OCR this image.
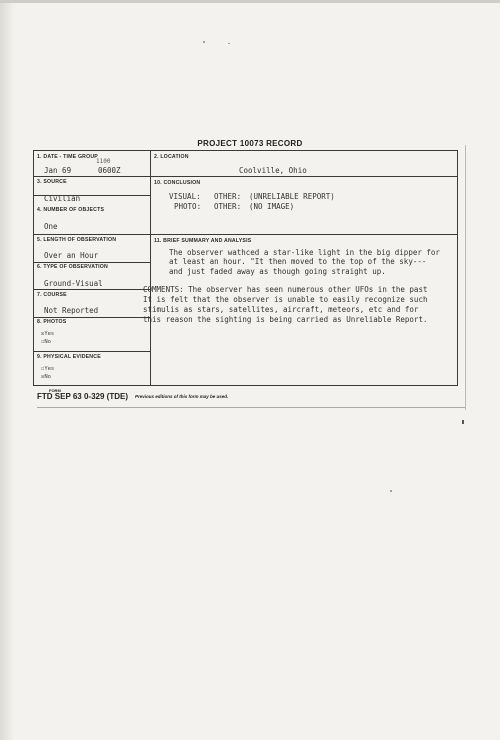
PROJECT 10073 RECORD
1. DATE - TIME GROUP
1100
Jan 69	0600Z
2. LOCATION
Coolville, Ohio
3. SOURCE
Civilian
10. CONCLUSION
VISUAL: OTHER: (UNRELIABLE REPORT)
PHOTO: OTHER: (NO IMAGE)
4. NUMBER OF OBJECTS
One
5. LENGTH OF OBSERVATION
Over an Hour
11. BRIEF SUMMARY AND ANALYSIS
The observer wathced a star-like light in the big dipper for
at least an hour. "It then moved to the top of the sky---
and just faded away as though going straight up.
COMMENTS: The observer has seen numerous other UFOs in the past
It is felt that the observer is unable to easily recognize such
stimulis as stars, satellites, aircraft, meteors, etc and for
this reason the sighting is being carried as Unreliable Report.
6. TYPE OF OBSERVATION
Ground-Visual
7. COURSE
Not Reported
8. PHOTOS
☒Yes
☐No
9. PHYSICAL EVIDENCE
☐Yes
☒No
FORM
FTD SEP 63 0-329 (TDE) Previous editions of this form may be used.
